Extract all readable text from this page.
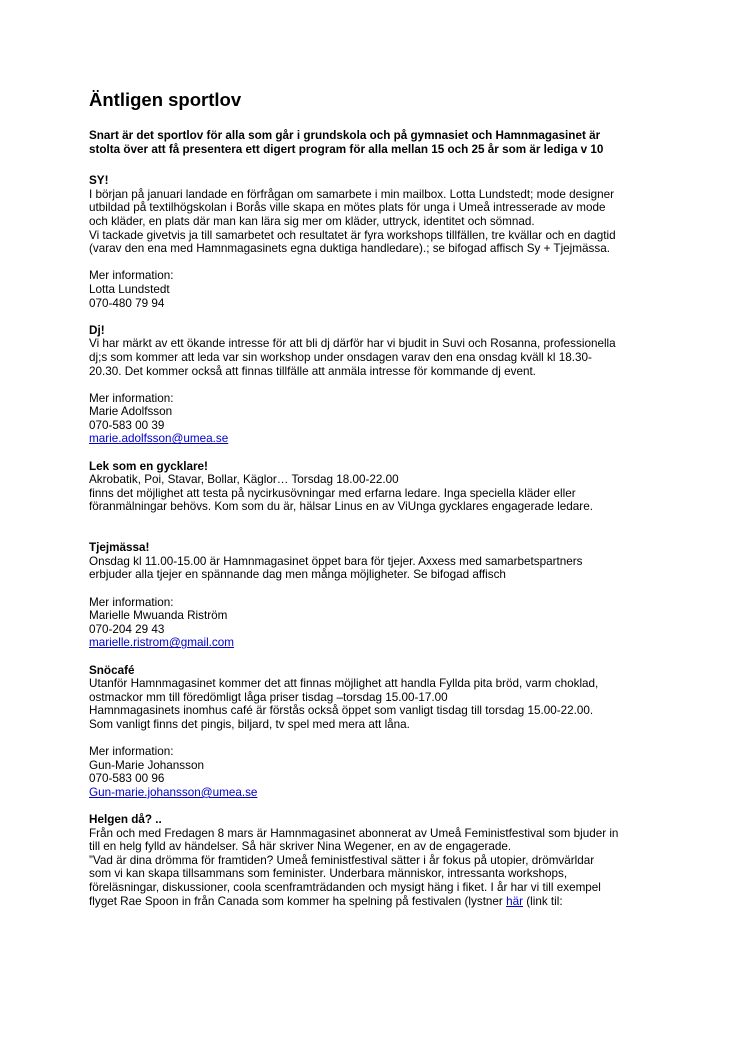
Äntligen sportlov

Snart är det sportlov för alla som går i grundskola och på gymnasiet och Hamnmagasinet är

stolta över att få presentera ett digert program för alla mellan 15 och 25 år som är lediga v 10

SY!

I början på januari landade en förfrågan om samarbete i min mailbox. Lotta Lundstedt; mode designer

utbildad på textilhögskolan i Borås ville skapa en mötes plats för unga i Umeå intresserade av mode

och kläder, en plats där man kan lära sig mer om kläder, uttryck, identitet och sömnad.

Vi tackade givetvis ja till samarbetet och resultatet är fyra workshops tillfällen, tre kvällar och en dagtid

(varav den ena med Hamnmagasinets egna duktiga handledare).; se bifogad affisch Sy + Tjejmässa.

Mer information:

Lotta Lundstedt

070-480 79 94

Dj!

Vi har märkt av ett ökande intresse för att bli dj därför har vi bjudit in Suvi och Rosanna, professionella

dj;s som kommer att leda var sin workshop under onsdagen varav den ena onsdag kväll kl 18.30-

20.30. Det kommer också att finnas tillfälle att anmäla intresse för kommande dj event.

Mer information:

Marie Adolfsson

070-583 00 39

marie.adolfsson@umea.se

Lek som en gycklare!

Akrobatik, Poi, Stavar, Bollar, Käglor… Torsdag 18.00-22.00

finns det möjlighet att testa på nycirkusövningar med erfarna ledare. Inga speciella kläder eller

föranmälningar behövs. Kom som du är, hälsar Linus en av ViUnga gycklares engagerade ledare.

Tjejmässa!

Onsdag kl 11.00-15.00 är Hamnmagasinet öppet bara för tjejer. Axxess med samarbetspartners

erbjuder alla tjejer en spännande dag men många möjligheter. Se bifogad affisch

Mer information:

Marielle Mwuanda Riström

070-204 29 43

marielle.ristrom@gmail.com

Snöcafé

Utanför Hamnmagasinet kommer det att finnas möjlighet att handla Fyllda pita bröd, varm choklad,

ostmackor mm till föredömligt låga priser tisdag –torsdag 15.00-17.00

Hamnmagasinets inomhus café är förstås också öppet som vanligt tisdag till torsdag 15.00-22.00.

Som vanligt finns det pingis, biljard, tv spel med mera att låna.

Mer information:

Gun-Marie Johansson

070-583 00 96

Gun-marie.johansson@umea.se

Helgen då? ..

Från och med Fredagen 8 mars är Hamnmagasinet abonnerat av Umeå Feministfestival som bjuder in

till en helg fylld av händelser. Så här skriver Nina Wegener, en av de engagerade.

”Vad är dina drömma för framtiden? Umeå feministfestival sätter i år fokus på utopier, drömvärldar

som vi kan skapa tillsammans som feminister. Underbara människor, intressanta workshops,

föreläsningar, diskussioner, coola scenframträdanden och mysigt häng i fiket. I år har vi till exempel

flyget Rae Spoon in från Canada som kommer ha spelning på festivalen (lystner här (link til:
